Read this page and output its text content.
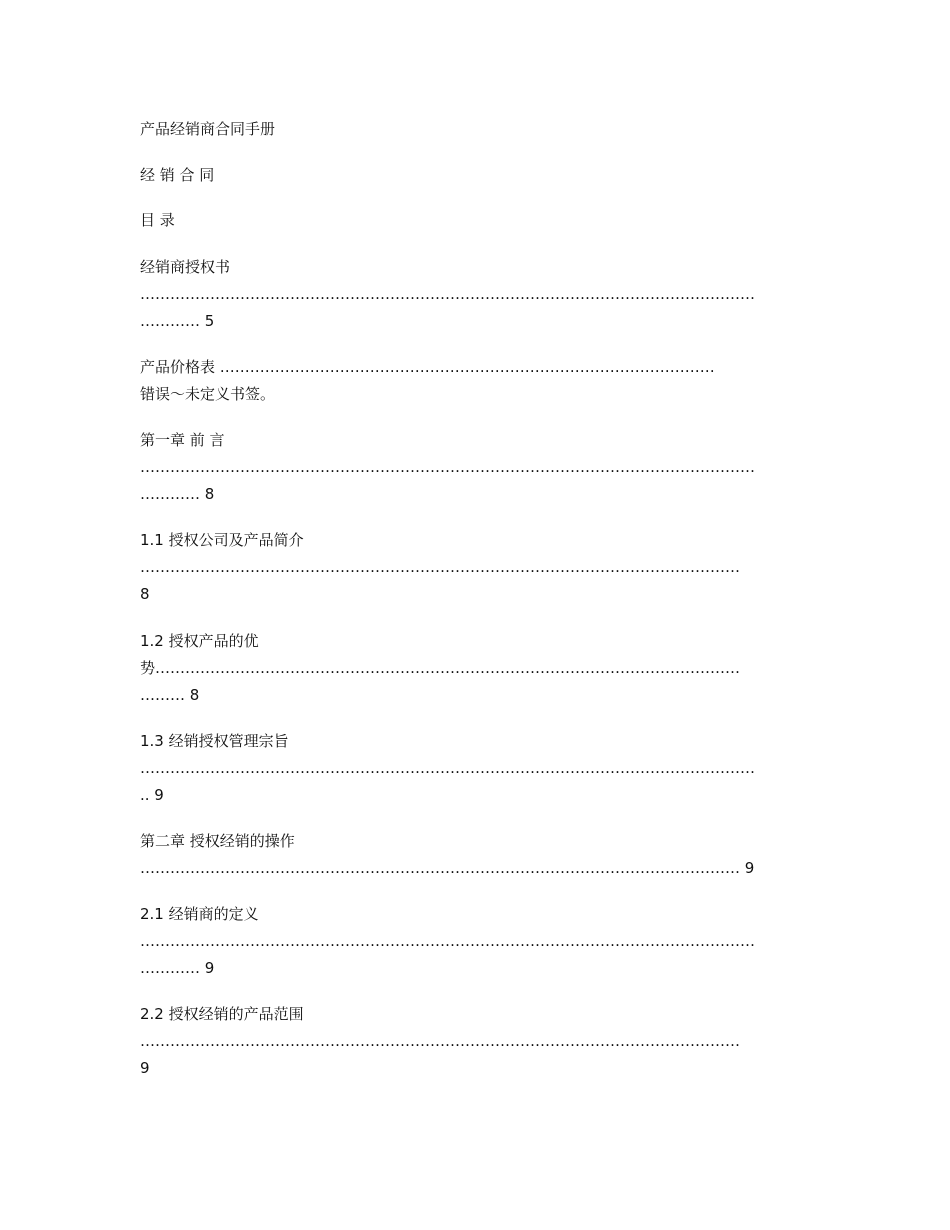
产品经销商合同手册
经 销 合 同
目 录
经销商授权书
……………………………………………………………………………………………………………
………… 5
产品价格表 ………………………………………………………………………………………
错误～未定义书签。
第一章 前 言
……………………………………………………………………………………………………………
………… 8
1.1 授权公司及产品简介
…………………………………………………………………………………………………………
8
1.2 授权产品的优
势………………………………………………………………………………………………………
……… 8
1.3 经销授权管理宗旨
……………………………………………………………………………………………………………
.. 9
第二章 授权经销的操作
………………………………………………………………………………………………………… 9
2.1 经销商的定义
……………………………………………………………………………………………………………
………… 9
2.2 授权经销的产品范围
…………………………………………………………………………………………………………
9
